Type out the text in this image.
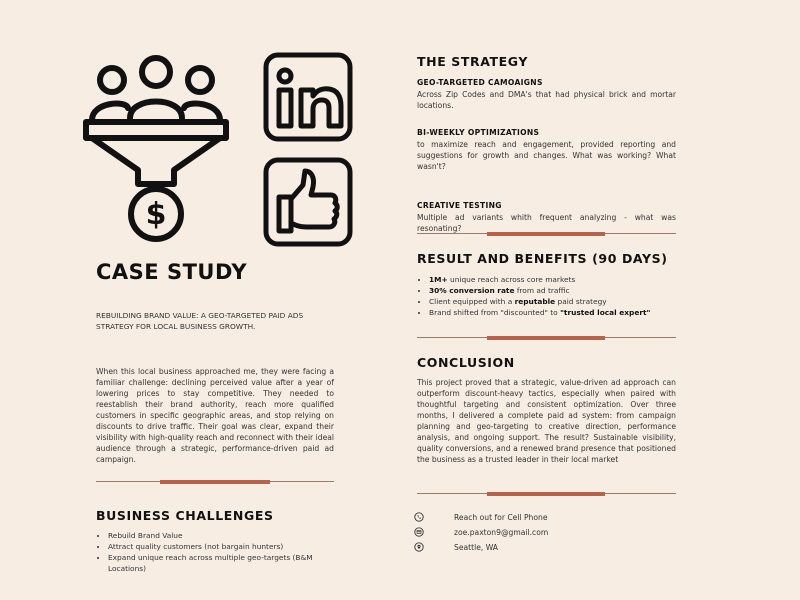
$
CASE STUDY
REBUILDING BRAND VALUE: A GEO-TARGETED PAID ADS STRATEGY FOR LOCAL BUSINESS GROWTH.
When this local business approached me, they were facing a familiar challenge: declining perceived value after a year of lowering prices to stay competitive. They needed to reestablish their brand authority, reach more qualified customers in specific geographic areas, and stop relying on discounts to drive traffic. Their goal was clear, expand their visibility with high-quality reach and reconnect with their ideal audience through a strategic, performance-driven paid ad campaign.
BUSINESS CHALLENGES
• Rebuild Brand Value
• Attract quality customers (not bargain hunters)
• Expand unique reach across multiple geo-targets (B&M Locations)
THE STRATEGY
GEO-TARGETED CAMOAIGNS
Across Zip Codes and DMA's that had physical brick and mortar locations.
BI-WEEKLY OPTIMIZATIONS
to maximize reach and engagement, provided reporting and suggestions for growth and changes. What was working? What wasn't?
CREATIVE TESTING
Multiple ad variants whith frequent analyzing - what was resonating?
RESULT AND BENEFITS (90 DAYS)
• 1M+ unique reach across core markets
• 30% conversion rate from ad traffic
• Client equipped with a reputable paid strategy
• Brand shifted from "discounted" to "trusted local expert"
CONCLUSION
This project proved that a strategic, value-driven ad approach can outperform discount-heavy tactics, especially when paired with thoughtful targeting and consistent optimization. Over three months, I delivered a complete paid ad system: from campaign planning and geo-targeting to creative direction, performance analysis, and ongoing support. The result? Sustainable visibility, quality conversions, and a renewed brand presence that positioned the business as a trusted leader in their local market
Reach out for Cell Phone
zoe.paxton9@gmail.com
Seattle, WA
